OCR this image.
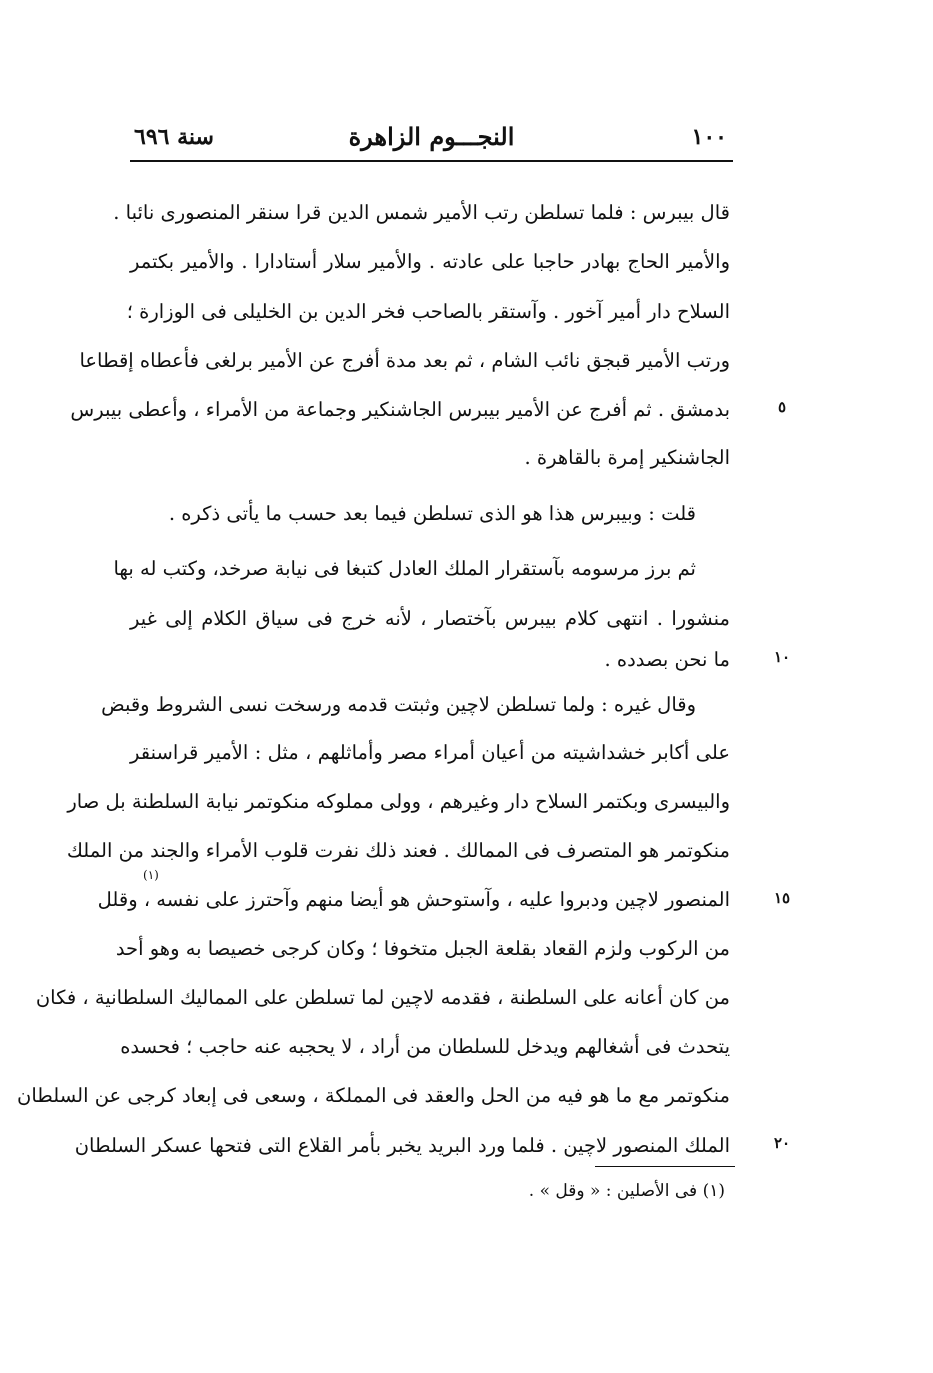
١٠٠
النجـــوم الزاهرة
سنة ٦٩٦
قال بيبرس : فلما تسلطن رتب الأمير شمس الدين قرا سنقر المنصورى نائبا .
والأمير الحاج بهادر حاجبا على عادته . والأمير سلار أستادارا . والأمير بكتمر
السلاح دار أمير آخور . وآستقر بالصاحب فخر الدين بن الخليلى فى الوزارة ؛
ورتب الأمير قبجق نائب الشام ، ثم بعد مدة أفرج عن الأمير برلغى فأعطاه إقطاعا
بدمشق . ثم أفرج عن الأمير بيبرس الجاشنكير وجماعة من الأمراء ، وأعطى بيبرس
الجاشنكير إمرة بالقاهرة .
قلت : وبيبرس هذا هو الذى تسلطن فيما بعد حسب ما يأتى ذكره .
ثم برز مرسومه بآستقرار الملك العادل كتبغا فى نيابة صرخد، وكتب له بها
منشورا . انتهى كلام بيبرس بآختصار ، لأنه خرج فى سياق الكلام إلى غير
ما نحن بصدده .
وقال غيره : ولما تسلطن لاچين وثبتت قدمه ورسخت نسى الشروط وقبض
على أكابر خشداشيته من أعيان أمراء مصر وأماثلهم ، مثل : الأمير قراسنقر
والبيسرى وبكتمر السلاح دار وغيرهم ، وولى مملوكه منكوتمر نيابة السلطنة بل صار
منكوتمر هو المتصرف فى الممالك . فعند ذلك نفرت قلوب الأمراء والجند من الملك
المنصور لاچين ودبروا عليه ، وآستوحش هو أيضا منهم وآحترز على نفسه ، وقلل
من الركوب ولزم القعاد بقلعة الجبل متخوفا ؛ وكان كرجى خصيصا به وهو أحد
من كان أعانه على السلطنة ، فقدمه لاچين لما تسلطن على المماليك السلطانية ، فكان
يتحدث فى أشغالهم ويدخل للسلطان من أراد ، لا يحجبه عنه حاجب ؛ فحسده
منكوتمر مع ما هو فيه من الحل والعقد فى المملكة ، وسعى فى إبعاد كرجى عن السلطان
الملك المنصور لاچين . فلما ورد البريد يخبر بأمر القلاع التى فتحها عسكر السلطان
٥
١٠
١٥
٢٠
(١)
(١) فى الأصلين : « وقل » .
